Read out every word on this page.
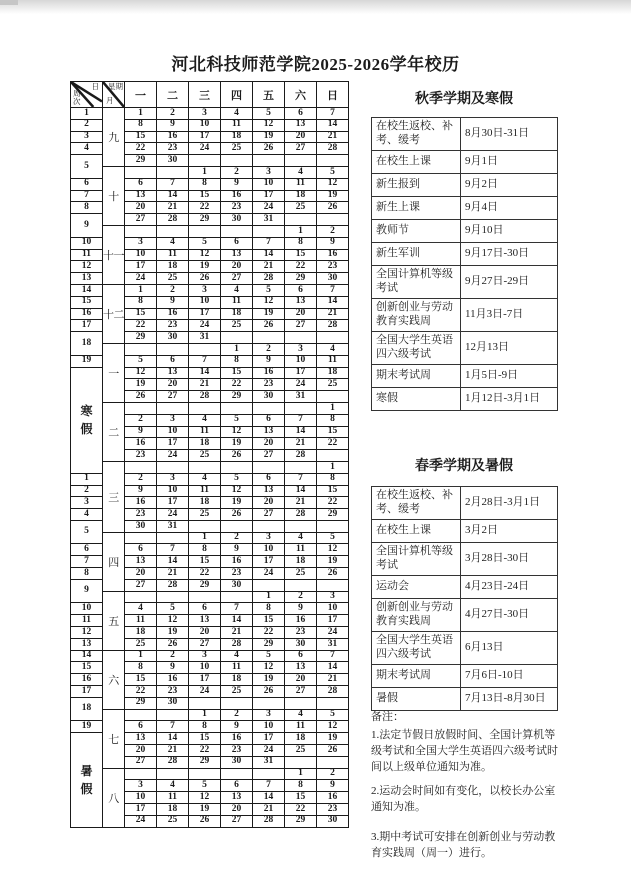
河北科技师范学院2025-2026学年校历
日
周次	星期
月	一	二	三	四	五	六	日
1	九	1	2	3	4	5	6	7
2		8	9	10	11	12	13	14
3		15	16	17	18	19	20	21
4		22	23	24	25	26	27	28
5		29	30					
	十			1	2	3	4	5
6		6	7	8	9	10	11	12
7		13	14	15	16	17	18	19
8		20	21	22	23	24	25	26
9		27	28	29	30	31		
	十一						1	2
10		3	4	5	6	7	8	9
11		10	11	12	13	14	15	16
12		17	18	19	20	21	22	23
13		24	25	26	27	28	29	30
14	十二	1	2	3	4	5	6	7
15		8	9	10	11	12	13	14
16		15	16	17	18	19	20	21
17		22	23	24	25	26	27	28
18		29	30	31				
	一				1	2	3	4
19		5	6	7	8	9	10	11
寒假		12	13	14	15	16	17	18
		19	20	21	22	23	24	25
		26	27	28	29	30	31	
	二							1
		2	3	4	5	6	7	8
		9	10	11	12	13	14	15
		16	17	18	19	20	21	22
		23	24	25	26	27	28	
	三							1
1		2	3	4	5	6	7	8
2		9	10	11	12	13	14	15
3		16	17	18	19	20	21	22
4		23	24	25	26	27	28	29
5		30	31					
	四			1	2	3	4	5
6		6	7	8	9	10	11	12
7		13	14	15	16	17	18	19
8		20	21	22	23	24	25	26
9		27	28	29	30			
	五					1	2	3
10		4	5	6	7	8	9	10
11		11	12	13	14	15	16	17
12		18	19	20	21	22	23	24
13		25	26	27	28	29	30	31
14	六	1	2	3	4	5	6	7
15		8	9	10	11	12	13	14
16		15	16	17	18	19	20	21
17		22	23	24	25	26	27	28
18		29	30					
	七			1	2	3	4	5
19		6	7	8	9	10	11	12
暑假		13	14	15	16	17	18	19
		20	21	22	23	24	25	26
		27	28	29	30	31		
	八						1	2
		3	4	5	6	7	8	9
		10	11	12	13	14	15	16
		17	18	19	20	21	22	23
		24	25	26	27	28	29	30
秋季学期及寒假
在校生返校、补考、缓考	8月30日-31日
在校生上课	9月1日
新生报到	9月2日
新生上课	9月4日
教师节	9月10日
新生军训	9月17日-30日
全国计算机等级考试	9月27日-29日
创新创业与劳动教育实践周	11月3日-7日
全国大学生英语四六级考试	12月13日
期末考试周	1月5日-9日
寒假	1月12日-3月1日
春季学期及暑假
在校生返校、补考、缓考	2月28日-3月1日
在校生上课	3月2日
全国计算机等级考试	3月28日-30日
运动会	4月23日-24日
创新创业与劳动教育实践周	4月27日-30日
全国大学生英语四六级考试	6月13日
期末考试周	7月6日-10日
暑假	7月13日-8月30日

备注：

1.法定节假日放假时间、全国计算机等级考试和全国大学生英语四六级考试时间以上级单位通知为准。

2.运动会时间如有变化，以校长办公室通知为准。

3.期中考试可安排在创新创业与劳动教育实践周（周一）进行。
